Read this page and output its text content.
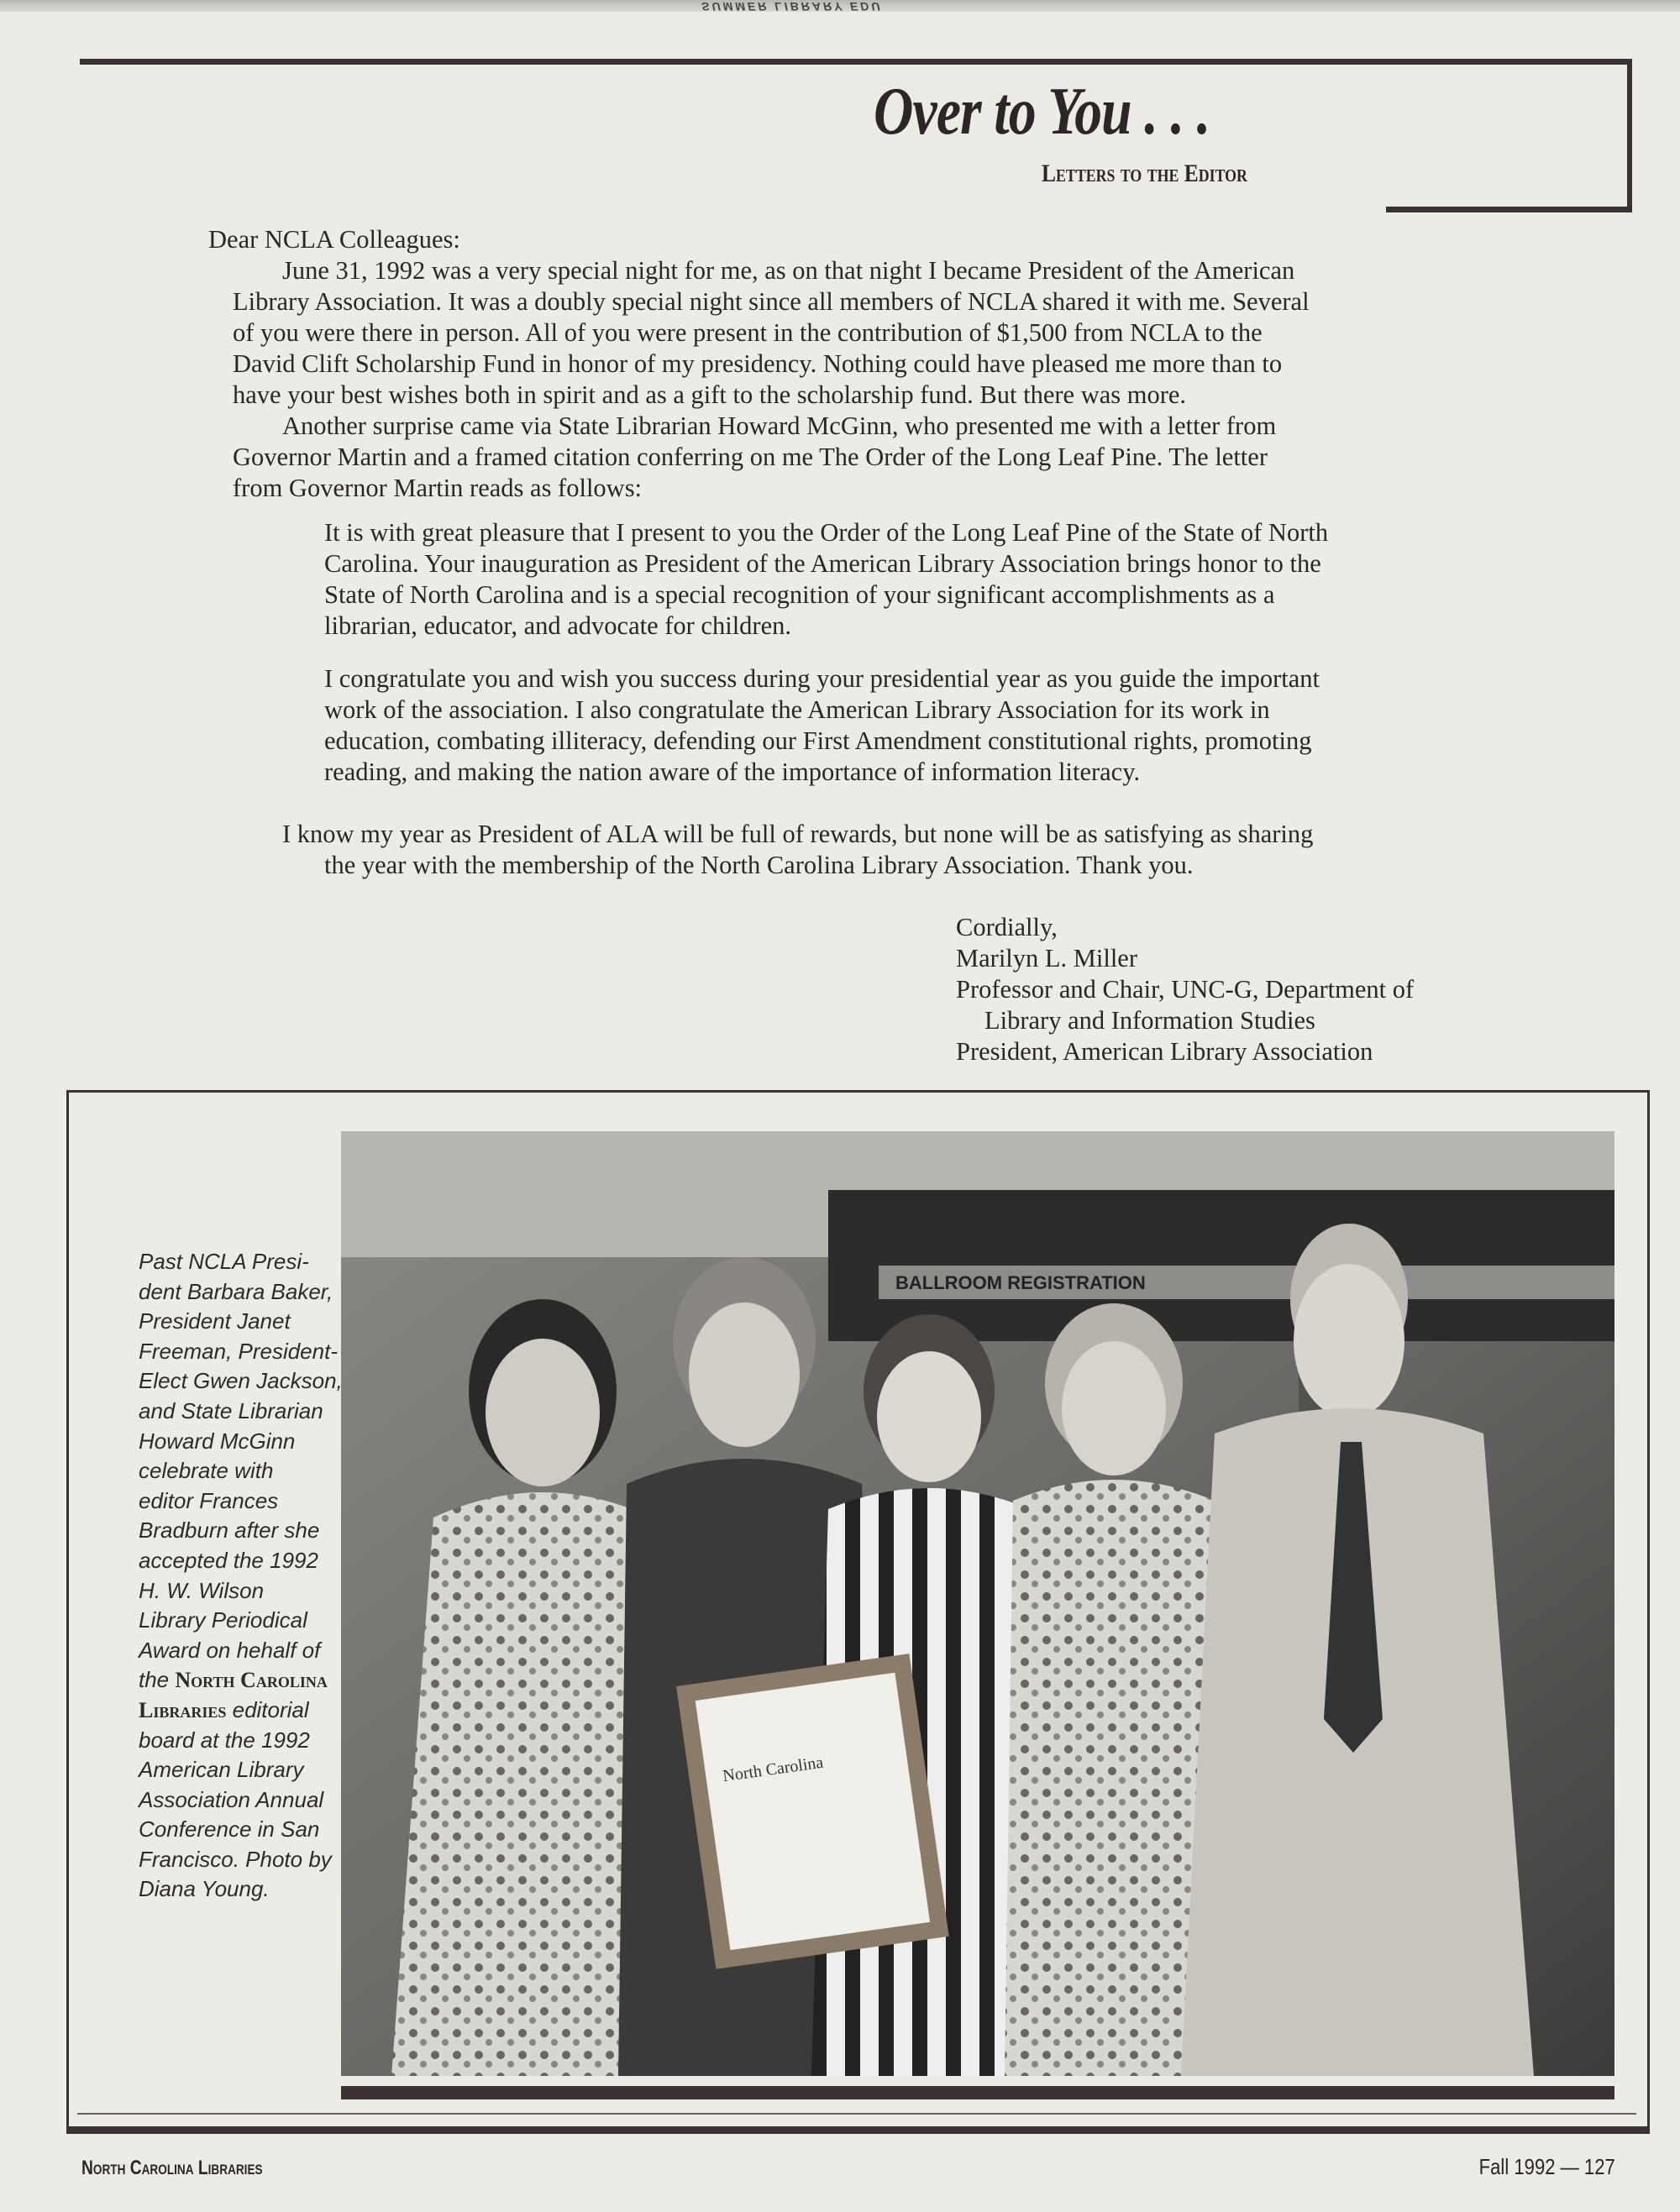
SUMMER LIBRARY EDU
Over to You . . .
Letters to the Editor
Dear NCLA Colleagues:
June 31, 1992 was a very special night for me, as on that night I became President of the American
Library Association. It was a doubly special night since all members of NCLA shared it with me. Several
of you were there in person. All of you were present in the contribution of $1,500 from NCLA to the
David Clift Scholarship Fund in honor of my presidency. Nothing could have pleased me more than to
have your best wishes both in spirit and as a gift to the scholarship fund. But there was more.
Another surprise came via State Librarian Howard McGinn, who presented me with a letter from
Governor Martin and a framed citation conferring on me The Order of the Long Leaf Pine. The letter
from Governor Martin reads as follows:
It is with great pleasure that I present to you the Order of the Long Leaf Pine of the State of North
Carolina. Your inauguration as President of the American Library Association brings honor to the
State of North Carolina and is a special recognition of your significant accomplishments as a
librarian, educator, and advocate for children.
I congratulate you and wish you success during your presidential year as you guide the important
work of the association. I also congratulate the American Library Association for its work in
education, combating illiteracy, defending our First Amendment constitutional rights, promoting
reading, and making the nation aware of the importance of information literacy.
I know my year as President of ALA will be full of rewards, but none will be as satisfying as sharing
the year with the membership of the North Carolina Library Association. Thank you.
Cordially,
Marilyn L. Miller
Professor and Chair, UNC-G, Department of
Library and Information Studies
President, American Library Association
BALLROOM REGISTRATION
North Carolina
Past NCLA Presi-
dent Barbara Baker,
President Janet
Freeman, President-
Elect Gwen Jackson,
and State Librarian
Howard McGinn
celebrate with
editor Frances
Bradburn after she
accepted the 1992
H. W. Wilson
Library Periodical
Award on hehalf of
the North Carolina
Libraries editorial
board at the 1992
American Library
Association Annual
Conference in San
Francisco. Photo by
Diana Young.
North Carolina Libraries	Fall 1992 — 127
